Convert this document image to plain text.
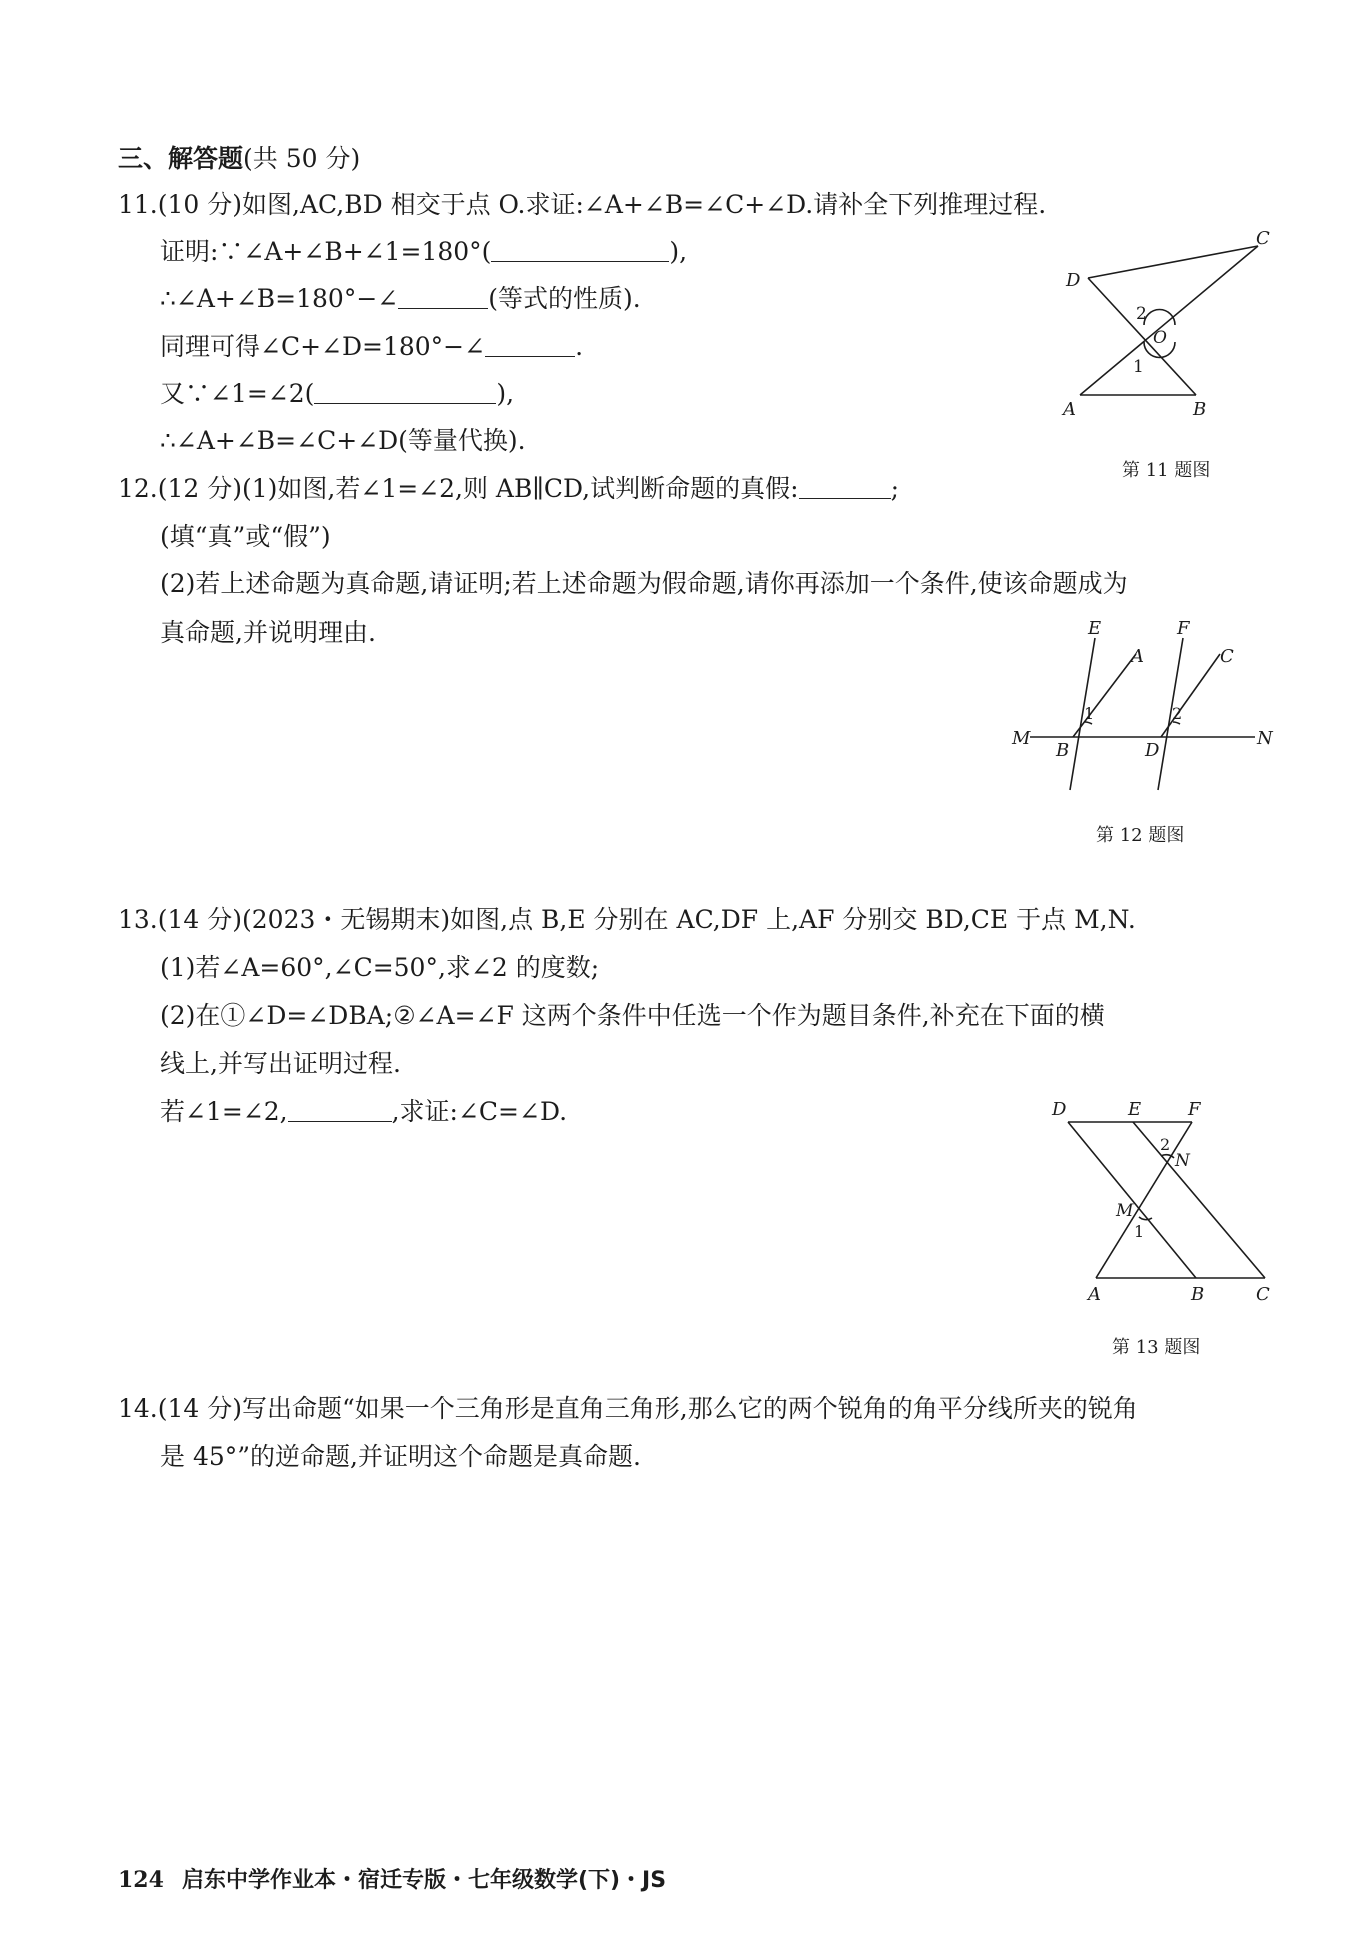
三、解答题(共 50 分)
11.(10 分)如图,AC,BD 相交于点 O.求证:∠A+∠B=∠C+∠D.请补全下列推理过程.
证明:∵∠A+∠B+∠1=180°(	),
∴∠A+∠B=180°−∠	(等式的性质).
同理可得∠C+∠D=180°−∠	.
又∵∠1=∠2(	),
∴∠A+∠B=∠C+∠D(等量代换).
C
D
O
2
1
A	B
第 11 题图
12.(12 分)(1)如图,若∠1=∠2,则 AB∥CD,试判断命题的真假:	;
(填“真”或“假”)
(2)若上述命题为真命题,请证明;若上述命题为假命题,请你再添加一个条件,使该命题成为
真命题,并说明理由.	E
A
F
C
M	N
B	D
1	2
第 12 题图
13.(14 分)(2023・无锡期末)如图,点 B,E 分别在 AC,DF 上,AF 分别交 BD,CE 于点 M,N.
(1)若∠A=60°,∠C=50°,求∠2 的度数;
(2)在①∠D=∠DBA;②∠A=∠F 这两个条件中任选一个作为题目条件,补充在下面的横
线上,并写出证明过程.
若∠1=∠2,	,求证:∠C=∠D.	D	E	F
2
N
M
1
A	B	C
第 13 题图
14.(14 分)写出命题“如果一个三角形是直角三角形,那么它的两个锐角的角平分线所夹的锐角
是 45°”的逆命题,并证明这个命题是真命题.
124 启东中学作业本・宿迁专版・七年级数学(下)・JS
